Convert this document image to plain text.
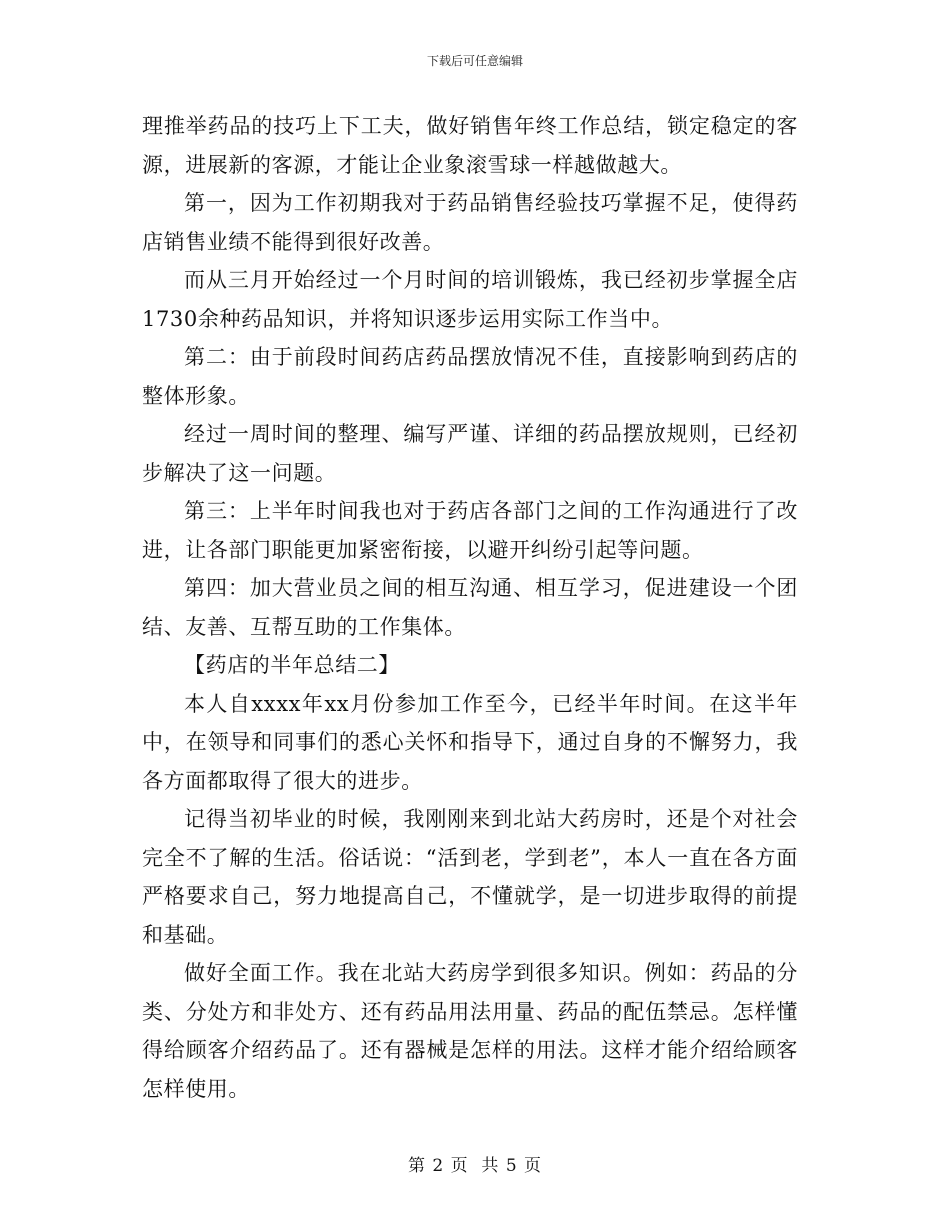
下载后可任意编辑

理推举药品的技巧上下工夫，做好销售年终工作总结，锁定稳定的客源，进展新的客源，才能让企业象滚雪球一样越做越大。

第一，因为工作初期我对于药品销售经验技巧掌握不足，使得药店销售业绩不能得到很好改善。

而从三月开始经过一个月时间的培训锻炼，我已经初步掌握全店1730余种药品知识，并将知识逐步运用实际工作当中。

第二：由于前段时间药店药品摆放情况不佳，直接影响到药店的整体形象。

经过一周时间的整理、编写严谨、详细的药品摆放规则，已经初步解决了这一问题。

第三：上半年时间我也对于药店各部门之间的工作沟通进行了改进，让各部门职能更加紧密衔接，以避开纠纷引起等问题。

第四：加大营业员之间的相互沟通、相互学习，促进建设一个团结、友善、互帮互助的工作集体。

【药店的半年总结二】

本人自xxxx年xx月份参加工作至今，已经半年时间。在这半年中，在领导和同事们的悉心关怀和指导下，通过自身的不懈努力，我各方面都取得了很大的进步。

记得当初毕业的时候，我刚刚来到北站大药房时，还是个对社会完全不了解的生活。俗话说：“活到老，学到老”，本人一直在各方面严格要求自己，努力地提高自己，不懂就学，是一切进步取得的前提和基础。

做好全面工作。我在北站大药房学到很多知识。例如：药品的分类、分处方和非处方、还有药品用法用量、药品的配伍禁忌。怎样懂得给顾客介绍药品了。还有器械是怎样的用法。这样才能介绍给顾客怎样使用。

第 2 页  共 5 页
